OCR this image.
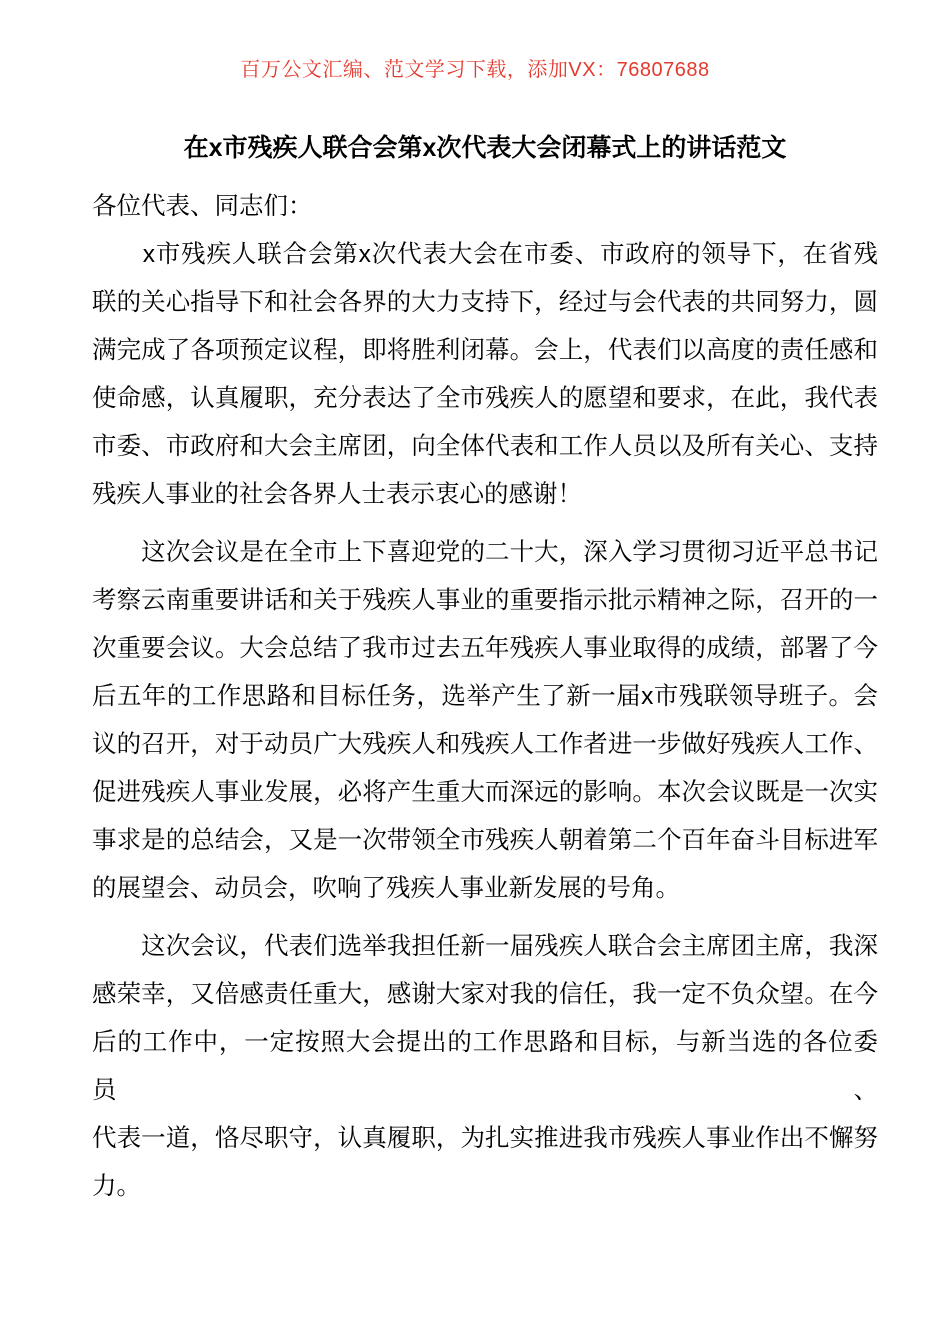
百万公文汇编、范文学习下载，添加VX：76807688
在x市残疾人联合会第x次代表大会闭幕式上的讲话范文

各位代表、同志们：

　　x市残疾人联合会第x次代表大会在市委、市政府的领导下，在省残
联的关心指导下和社会各界的大力支持下，经过与会代表的共同努力，圆
满完成了各项预定议程，即将胜利闭幕。会上，代表们以高度的责任感和
使命感，认真履职，充分表达了全市残疾人的愿望和要求，在此，我代表
市委、市政府和大会主席团，向全体代表和工作人员以及所有关心、支持
残疾人事业的社会各界人士表示衷心的感谢！
　　这次会议是在全市上下喜迎党的二十大，深入学习贯彻习近平总书记
考察云南重要讲话和关于残疾人事业的重要指示批示精神之际，召开的一
次重要会议。大会总结了我市过去五年残疾人事业取得的成绩，部署了今
后五年的工作思路和目标任务，选举产生了新一届x市残联领导班子。会
议的召开，对于动员广大残疾人和残疾人工作者进一步做好残疾人工作、
促进残疾人事业发展，必将产生重大而深远的影响。本次会议既是一次实
事求是的总结会，又是一次带领全市残疾人朝着第二个百年奋斗目标进军
的展望会、动员会，吹响了残疾人事业新发展的号角。
　　这次会议，代表们选举我担任新一届残疾人联合会主席团主席，我深
感荣幸，又倍感责任重大，感谢大家对我的信任，我一定不负众望。在今
后的工作中，一定按照大会提出的工作思路和目标，与新当选的各位委员、
代表一道，恪尽职守，认真履职，为扎实推进我市残疾人事业作出不懈努
力。
